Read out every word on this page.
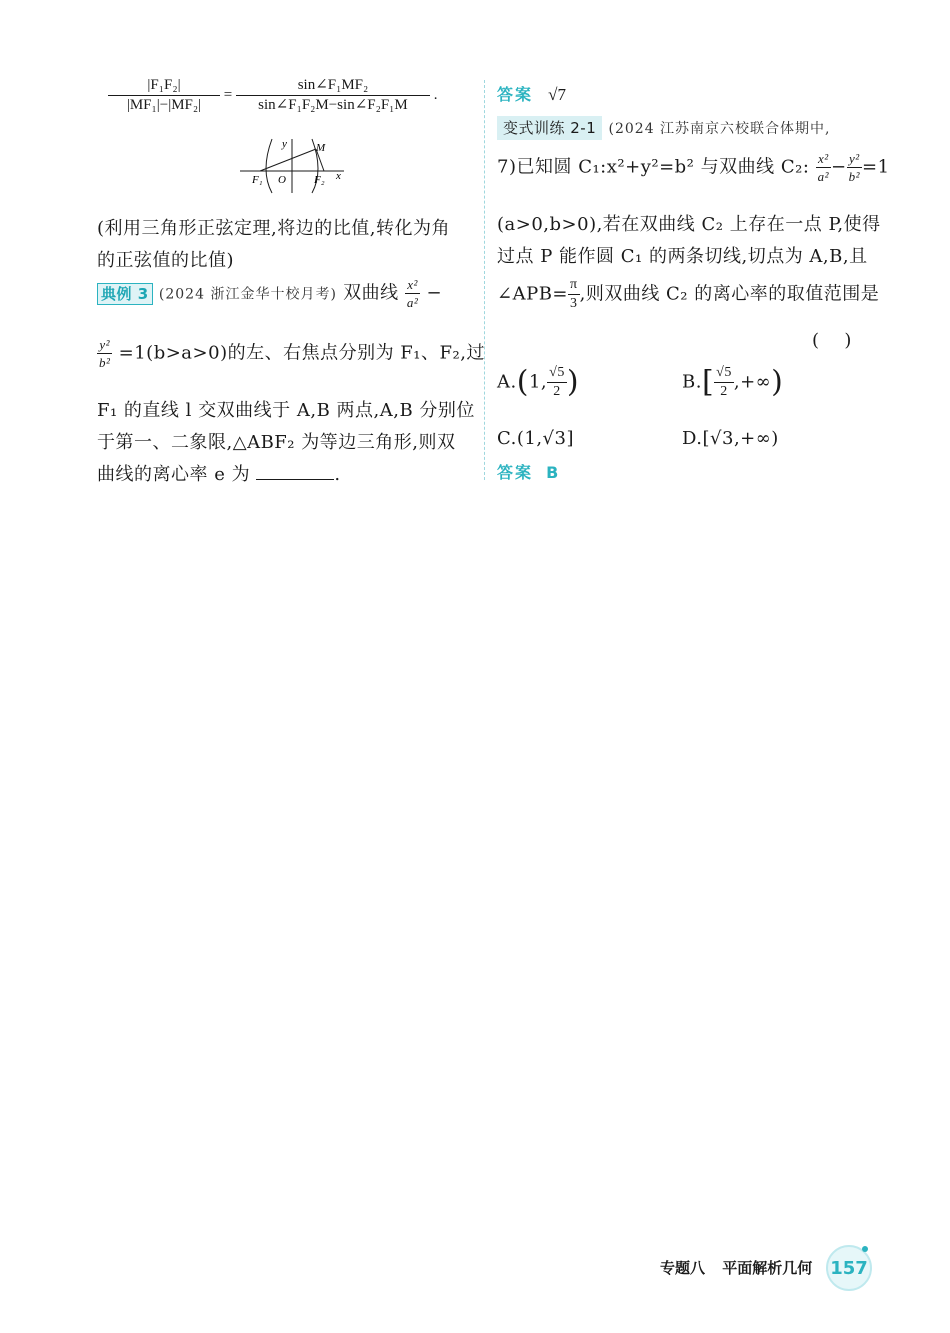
$\frac{\text{|F₁F₂|}}{\text{|MF₁|−|MF₂|}} = \frac{\text{sin∠F₁MF₂}}{\text{sin∠F₁F₂M−sin∠F₂F₁M}}$ .
y
x
M
O
F₁	F₂
(利用三角形正弦定理,将边的比值,转化为角
的正弦值的比值)
典例 3 (2024 浙江金华十校月考) 双曲线 $\frac{\text{x²}}{\text{a²}}$ −
$\frac{\text{y²}}{\text{b²}} =1(b>a>0)$的左、右焦点分别为 F₁、F₂,过
F₁ 的直线 l 交双曲线于 A,B 两点,A,B 分别位
于第一、二象限,△ABF₂ 为等边三角形,则双
曲线的离心率 e 为	.
答案 √7
变式训练 2-1 (2024 江苏南京六校联合体期中,
7)已知圆 C₁:x²+y²=b² 与双曲线 C₂: $\frac{\text{x²}}{\text{a²}} - \frac{\text{y²}}{\text{b²}} =1$
(a>0,b>0),若在双曲线 C₂ 上存在一点 P,使得
过点 P 能作圆 C₁ 的两条切线,切点为 A,B,且
∠APB= $\frac{\pi}{3}$ ,则双曲线 C₂ 的离心率的取值范围是
(    )
A.(1, $\frac{√5}{2}$ )	$B.[ \frac{√5}{2}$ ,+∞)
C.(1,√3]	D.[√3,+∞)
答案 B
专题八 平面解析几何 157
